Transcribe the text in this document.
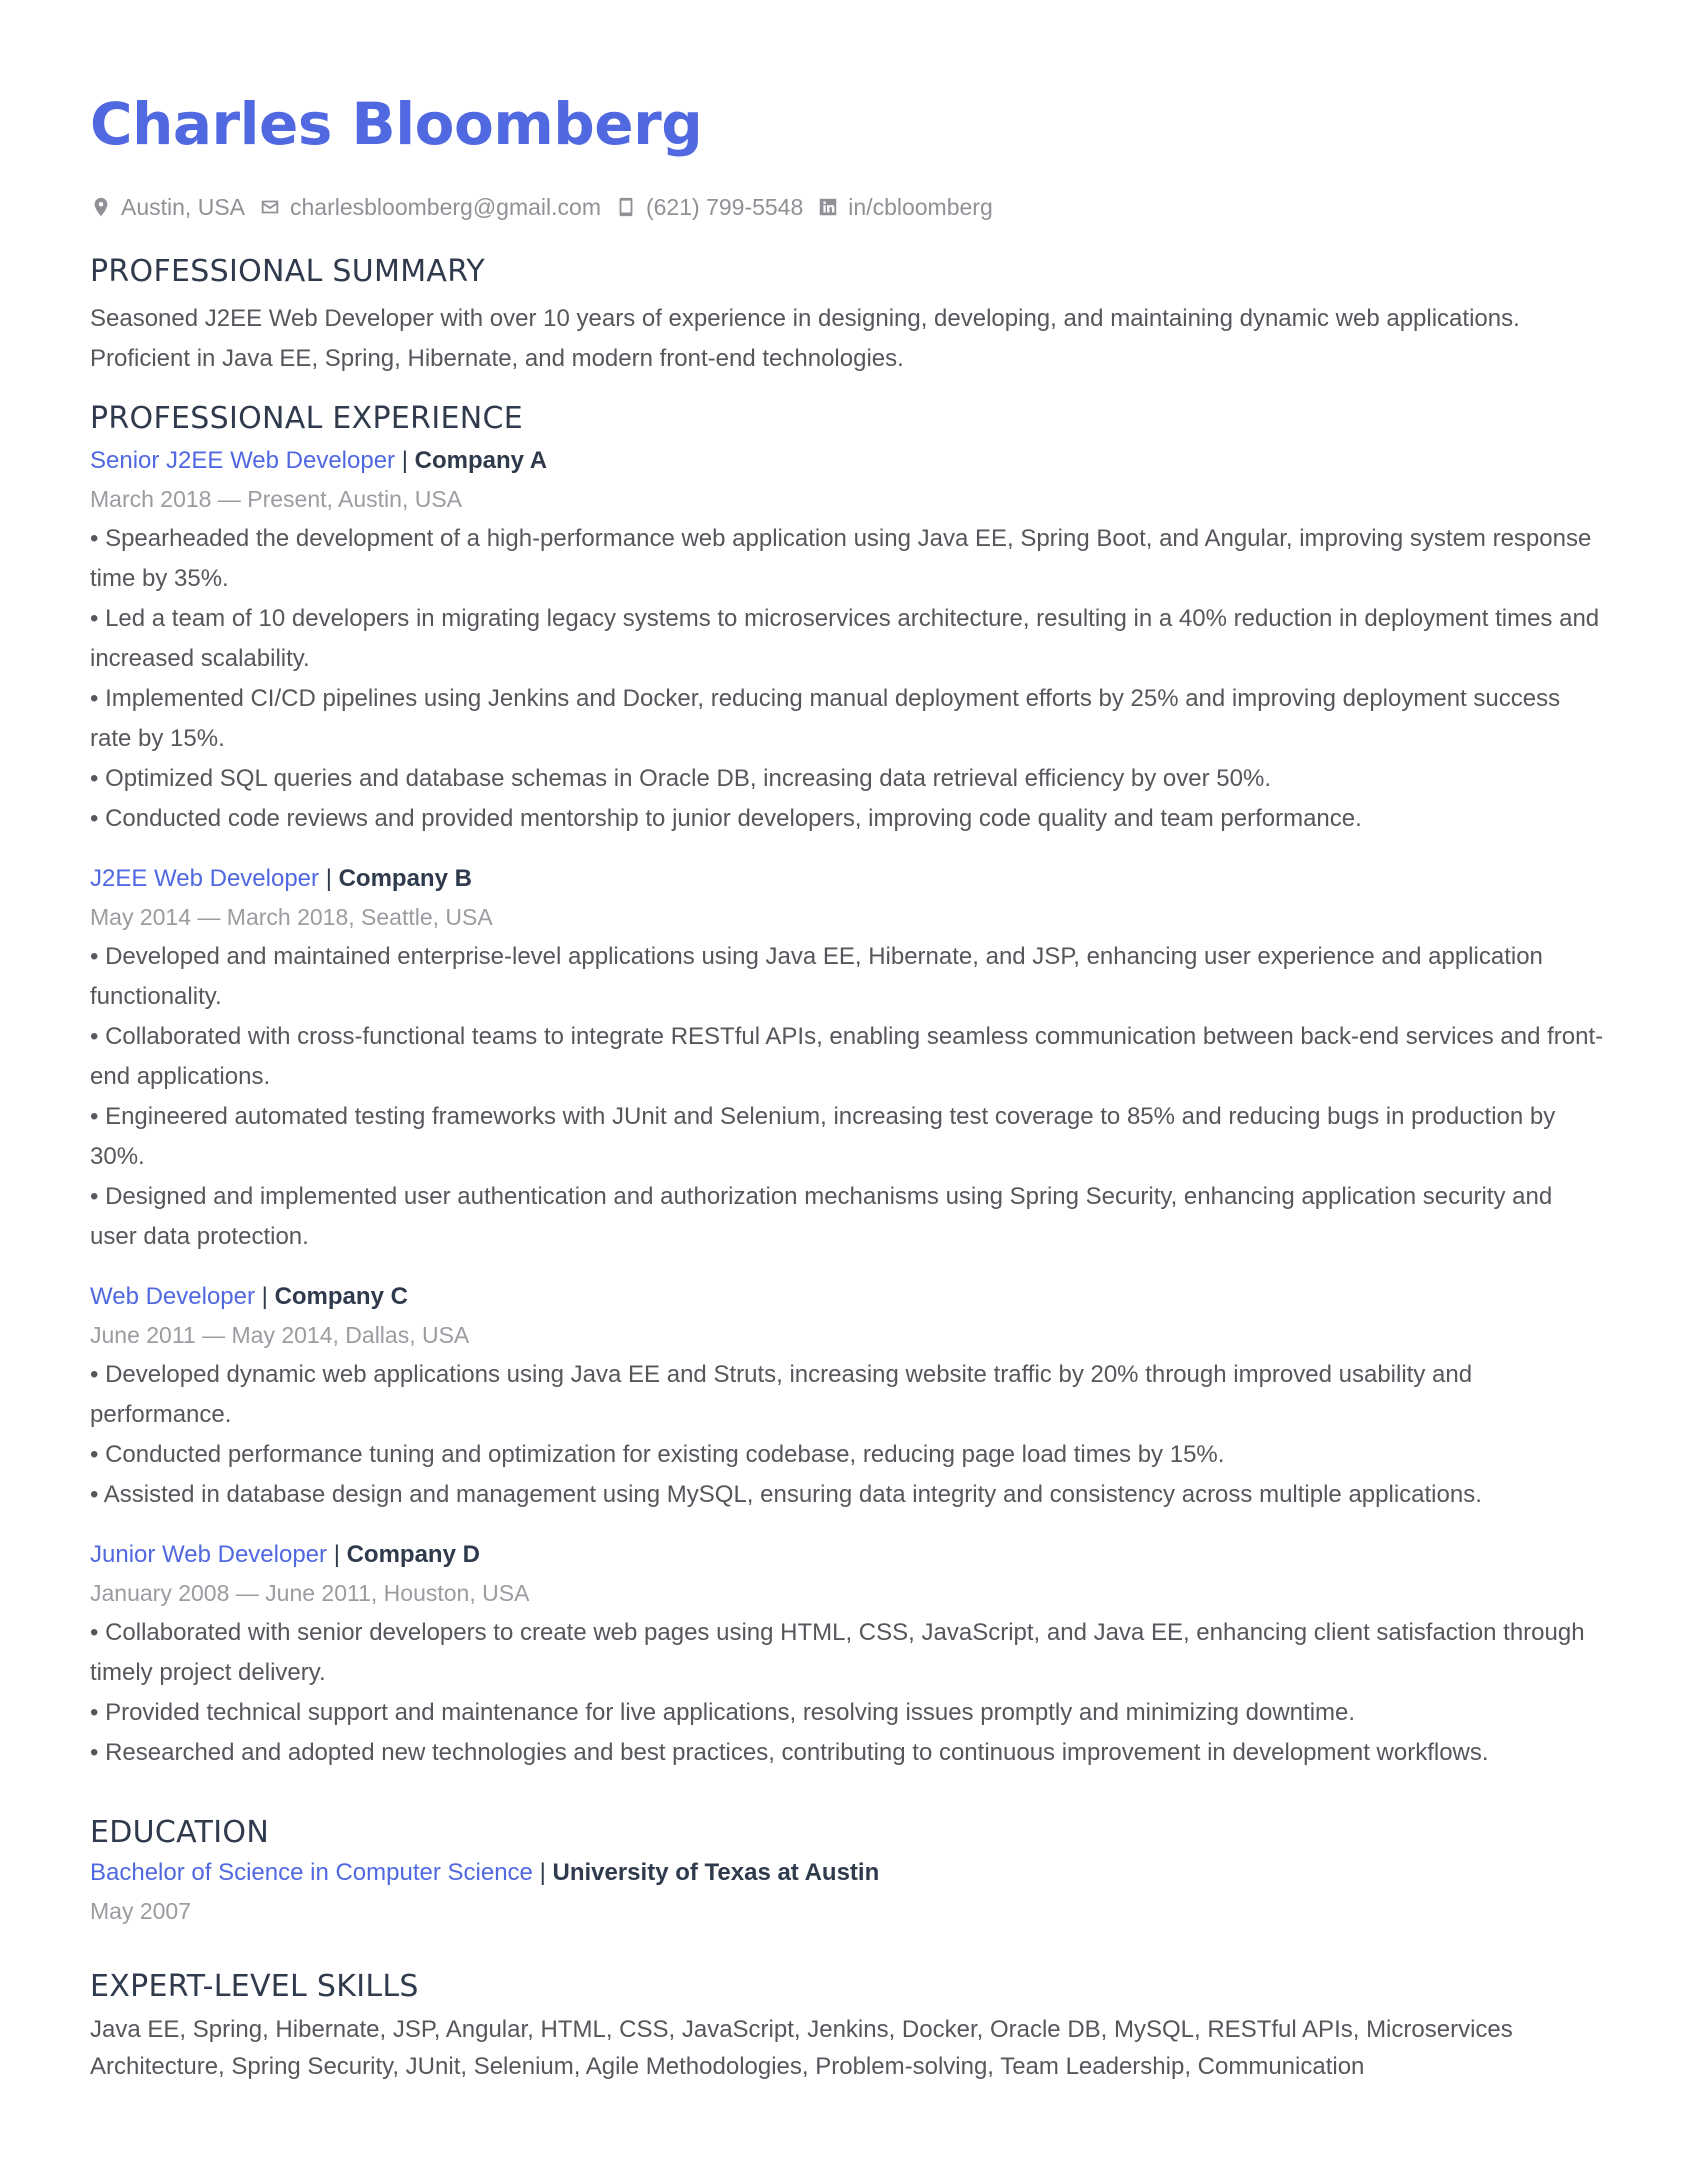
Charles Bloomberg
Austin, USA charlesbloomberg@gmail.com (621) 799-5548 in/cbloomberg
PROFESSIONAL SUMMARY

Seasoned J2EE Web Developer with over 10 years of experience in designing, developing, and maintaining dynamic web applications. Proficient in Java EE, Spring, Hibernate, and modern front-end technologies.

PROFESSIONAL EXPERIENCE

Senior J2EE Web Developer | Company A

March 2018 — Present, Austin, USA

• Spearheaded the development of a high-performance web application using Java EE, Spring Boot, and Angular, improving system response time by 35%.

• Led a team of 10 developers in migrating legacy systems to microservices architecture, resulting in a 40% reduction in deployment times and increased scalability.

• Implemented CI/CD pipelines using Jenkins and Docker, reducing manual deployment efforts by 25% and improving deployment success rate by 15%.

• Optimized SQL queries and database schemas in Oracle DB, increasing data retrieval efficiency by over 50%.

• Conducted code reviews and provided mentorship to junior developers, improving code quality and team performance.

J2EE Web Developer | Company B

May 2014 — March 2018, Seattle, USA

• Developed and maintained enterprise-level applications using Java EE, Hibernate, and JSP, enhancing user experience and application functionality.

• Collaborated with cross-functional teams to integrate RESTful APIs, enabling seamless communication between back-end services and front-end applications.

• Engineered automated testing frameworks with JUnit and Selenium, increasing test coverage to 85% and reducing bugs in production by 30%.

• Designed and implemented user authentication and authorization mechanisms using Spring Security, enhancing application security and user data protection.

Web Developer | Company C

June 2011 — May 2014, Dallas, USA

• Developed dynamic web applications using Java EE and Struts, increasing website traffic by 20% through improved usability and performance.

• Conducted performance tuning and optimization for existing codebase, reducing page load times by 15%.

• Assisted in database design and management using MySQL, ensuring data integrity and consistency across multiple applications.

Junior Web Developer | Company D

January 2008 — June 2011, Houston, USA

• Collaborated with senior developers to create web pages using HTML, CSS, JavaScript, and Java EE, enhancing client satisfaction through timely project delivery.

• Provided technical support and maintenance for live applications, resolving issues promptly and minimizing downtime.

• Researched and adopted new technologies and best practices, contributing to continuous improvement in development workflows.

EDUCATION

Bachelor of Science in Computer Science | University of Texas at Austin

May 2007

EXPERT-LEVEL SKILLS

Java EE, Spring, Hibernate, JSP, Angular, HTML, CSS, JavaScript, Jenkins, Docker, Oracle DB, MySQL, RESTful APIs, Microservices Architecture, Spring Security, JUnit, Selenium, Agile Methodologies, Problem-solving, Team Leadership, Communication
